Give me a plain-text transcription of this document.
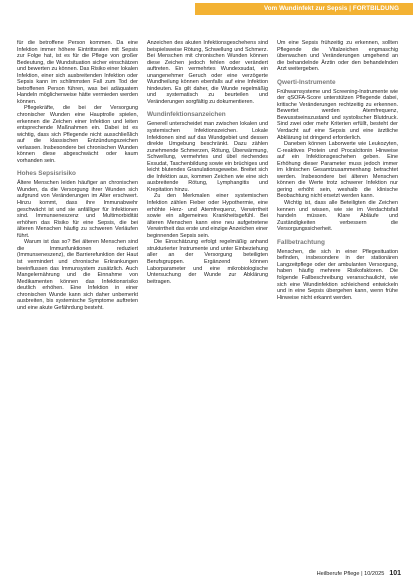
Vom Wundinfekt zur Sepsis | FORTBILDUNG

für die betroffene Person kommen. Da eine Infektion immer höhere Eintrittsraten mit Sepsis zur Folge hat, ist es für die Pflege von großer Bedeutung, die Wundsituation sicher einschätzen und bewerten zu können. Das Risiko einer lokalen Infektion, einer sich ausbreitenden Infektion oder Sepsis kann im schlimmsten Fall zum Tod der betroffenen Person führen, was bei adäquatem Handeln möglicherweise hätte vermieden werden können.

Pflegekräfte, die bei der Versorgung chronischer Wunden eine Hauptrolle spielen, erkennen die Zeichen einer Infektion und leiten entsprechende Maßnahmen ein. Dabei ist es wichtig, dass sich Pflegende nicht ausschließlich auf die klassischen Entzündungszeichen verlassen. Insbesondere bei chronischen Wunden können diese abgeschwächt oder kaum vorhanden sein.

Hohes Sepsisrisiko

Ältere Menschen leiden häufiger an chronischen Wunden, da die Versorgung ihrer Wunden sich aufgrund von Veränderungen im Alter erschwert. Hinzu kommt, dass ihre Immunabwehr geschwächt ist und sie anfälliger für Infektionen sind. Immunseneszenz und Multimorbidität erhöhen das Risiko für eine Sepsis, die bei älteren Menschen häufig zu schweren Verläufen führt.

Warum ist das so? Bei älteren Menschen sind die Immunfunktionen reduziert (Immunseneszenz), die Barrierefunktion der Haut ist vermindert und chronische Erkrankungen beeinflussen das Immunsystem zusätzlich. Auch Mangelernährung und die Einnahme von Medikamenten können das Infektionsrisiko deutlich erhöhen. Eine Infektion in einer chronischen Wunde kann sich daher unbemerkt ausbreiten, bis systemische Symptome auftreten und eine akute Gefährdung besteht.

Anzeichen des akuten Infektionsgeschehens sind beispielsweise Rötung, Schwellung und Schmerz. Bei Menschen mit chronischen Wunden können diese Zeichen jedoch fehlen oder verändert auftreten. Ein vermehrtes Wundexsudat, ein unangenehmer Geruch oder eine verzögerte Wundheilung können ebenfalls auf eine Infektion hindeuten. Es gilt daher, die Wunde regelmäßig und systematisch zu beurteilen und Veränderungen sorgfältig zu dokumentieren.

Wundinfektionsanzeichen

Generell unterscheidet man zwischen lokalen und systemischen Infektionszeichen. Lokale Infektionen sind auf das Wundgebiet und dessen direkte Umgebung beschränkt. Dazu zählen zunehmende Schmerzen, Rötung, Überwärmung, Schwellung, vermehrtes und übel riechendes Exsudat, Taschenbildung sowie ein brüchiges und leicht blutendes Granulationsgewebe. Breitet sich die Infektion aus, kommen Zeichen wie eine sich ausbreitende Rötung, Lymphangitis und Krepitation hinzu.

Zu den Merkmalen einer systemischen Infektion zählen Fieber oder Hypothermie, eine erhöhte Herz- und Atemfrequenz, Verwirrtheit sowie ein allgemeines Krankheitsgefühl. Bei älteren Menschen kann eine neu aufgetretene Verwirrtheit das erste und einzige Anzeichen einer beginnenden Sepsis sein.

Die Einschätzung erfolgt regelmäßig anhand strukturierter Instrumente und unter Einbeziehung aller an der Versorgung beteiligten Berufsgruppen. Ergänzend können Laborparameter und eine mikrobiologische Untersuchung der Wunde zur Abklärung beitragen.

Um eine Sepsis frühzeitig zu erkennen, sollten Pflegende die Vitalzeichen engmaschig überwachen und Veränderungen umgehend an die behandelnde Ärztin oder den behandelnden Arzt weitergeben.

Qwerti-Instrumente

Frühwarnsysteme und Screening-Instrumente wie der qSOFA-Score unterstützen Pflegende dabei, kritische Veränderungen rechtzeitig zu erkennen. Bewertet werden Atemfrequenz, Bewusstseinszustand und systolischer Blutdruck. Sind zwei oder mehr Kriterien erfüllt, besteht der Verdacht auf eine Sepsis und eine ärztliche Abklärung ist dringend erforderlich.

Daneben können Laborwerte wie Leukozyten, C-reaktives Protein und Procalcitonin Hinweise auf ein Infektionsgeschehen geben. Eine Erhöhung dieser Parameter muss jedoch immer im klinischen Gesamtzusammenhang betrachtet werden. Insbesondere bei älteren Menschen können die Werte trotz schwerer Infektion nur gering erhöht sein, weshalb die klinische Beobachtung nicht ersetzt werden kann.

Wichtig ist, dass alle Beteiligten die Zeichen kennen und wissen, wie sie im Verdachtsfall handeln müssen. Klare Abläufe und Zuständigkeiten verbessern die Versorgungssicherheit.

Fallbetrachtung

Menschen, die sich in einer Pflegesituation befinden, insbesondere in der stationären Langzeitpflege oder der ambulanten Versorgung, haben häufig mehrere Risikofaktoren. Die folgende Fallbeschreibung veranschaulicht, wie sich eine Wundinfektion schleichend entwickeln und in eine Sepsis übergehen kann, wenn frühe Hinweise nicht erkannt werden.

Heilberufe Pflege | 10/2025 101
